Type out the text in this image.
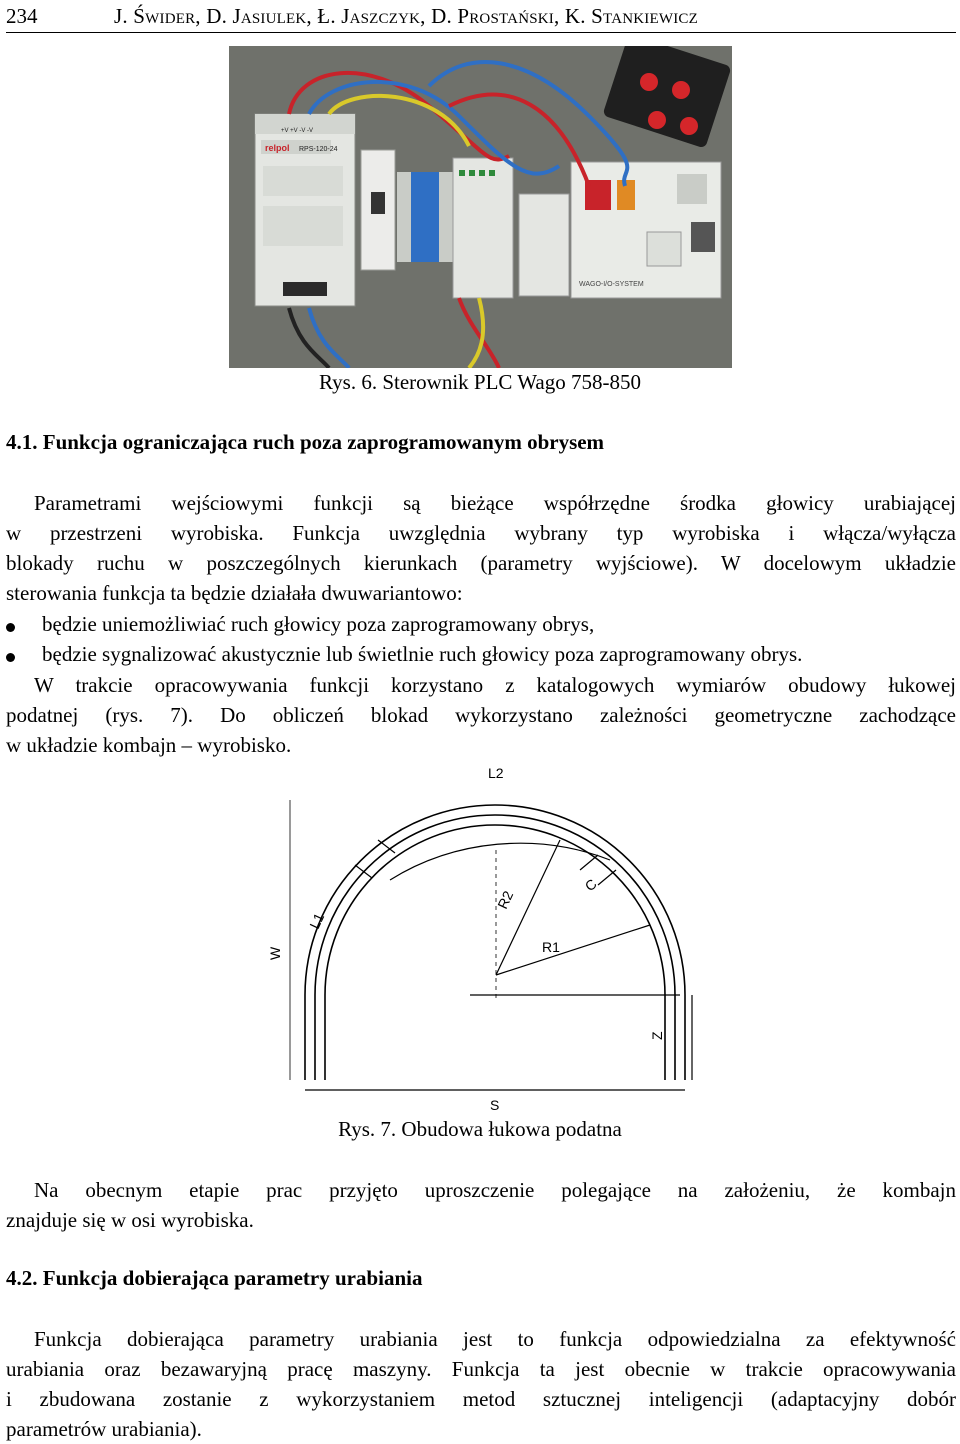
234	J. Świder, D. Jasiulek, Ł. Jaszczyk, D. Prostański, K. Stankiewicz
relpol RPS-120-24
+V +V -V -V
WAGO-I/O-SYSTEM
Rys. 6. Sterownik PLC Wago 758-850
4.1. Funkcja ograniczająca ruch poza zaprogramowanym obrysem
Parametrami wejściowymi funkcji są bieżące współrzędne środka głowicy urabiającej
w przestrzeni wyrobiska. Funkcja uwzględnia wybrany typ wyrobiska i włącza/wyłącza
blokady ruchu w poszczególnych kierunkach (parametry wyjściowe). W docelowym układzie
sterowania funkcja ta będzie działała dwuwariantowo:
będzie uniemożliwiać ruch głowicy poza zaprogramowany obrys,
będzie sygnalizować akustycznie lub świetlnie ruch głowicy poza zaprogramowany obrys.
W trakcie opracowywania funkcji korzystano z katalogowych wymiarów obudowy łukowej
podatnej (rys. 7). Do obliczeń blokad wykorzystano zależności geometryczne zachodzące
w układzie kombajn – wyrobisko.
L2
L1
R2
R1
C
W
Z
S
Rys. 7. Obudowa łukowa podatna
Na obecnym etapie prac przyjęto uproszczenie polegające na założeniu, że kombajn
znajduje się w osi wyrobiska.
4.2. Funkcja dobierająca parametry urabiania
Funkcja dobierająca parametry urabiania jest to funkcja odpowiedzialna za efektywność
urabiania oraz bezawaryjną pracę maszyny. Funkcja ta jest obecnie w trakcie opracowywania
i zbudowana zostanie z wykorzystaniem metod sztucznej inteligencji (adaptacyjny dobór
parametrów urabiania).
